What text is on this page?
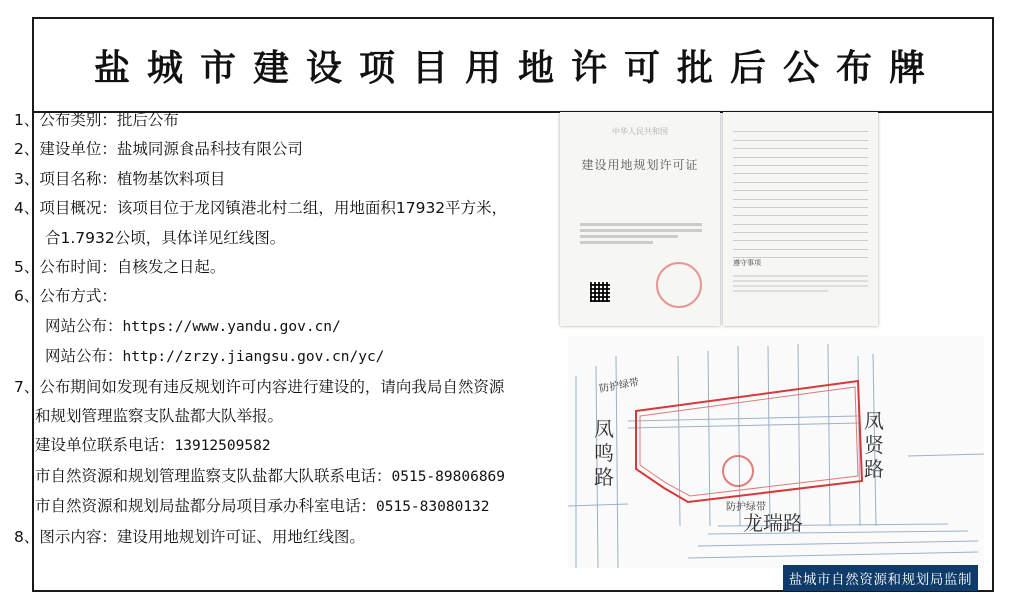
盐城市建设项目用地许可批后公布牌
1、公布类别：批后公布
2、建设单位：盐城同源食品科技有限公司
3、项目名称：植物基饮料项目
4、项目概况：该项目位于龙冈镇港北村二组，用地面积17932平方米，
合1.7932公顷，具体详见红线图。
5、公布时间：自核发之日起。
6、公布方式：
网站公布：https://www.yandu.gov.cn/
网站公布：http://zrzy.jiangsu.gov.cn/yc/
7、公布期间如发现有违反规划许可内容进行建设的，请向我局自然资源
和规划管理监察支队盐都大队举报。
建设单位联系电话：13912509582
市自然资源和规划管理监察支队盐都大队联系电话：0515-89806869
市自然资源和规划局盐都分局项目承办科室电话：0515-83080132
8、图示内容：建设用地规划许可证、用地红线图。
中华人民共和国
建设用地规划许可证
遵守事项
凤
鸣
路
凤
贤
路
龙瑞路
防护绿带
防护绿带
盐城市自然资源和规划局监制
